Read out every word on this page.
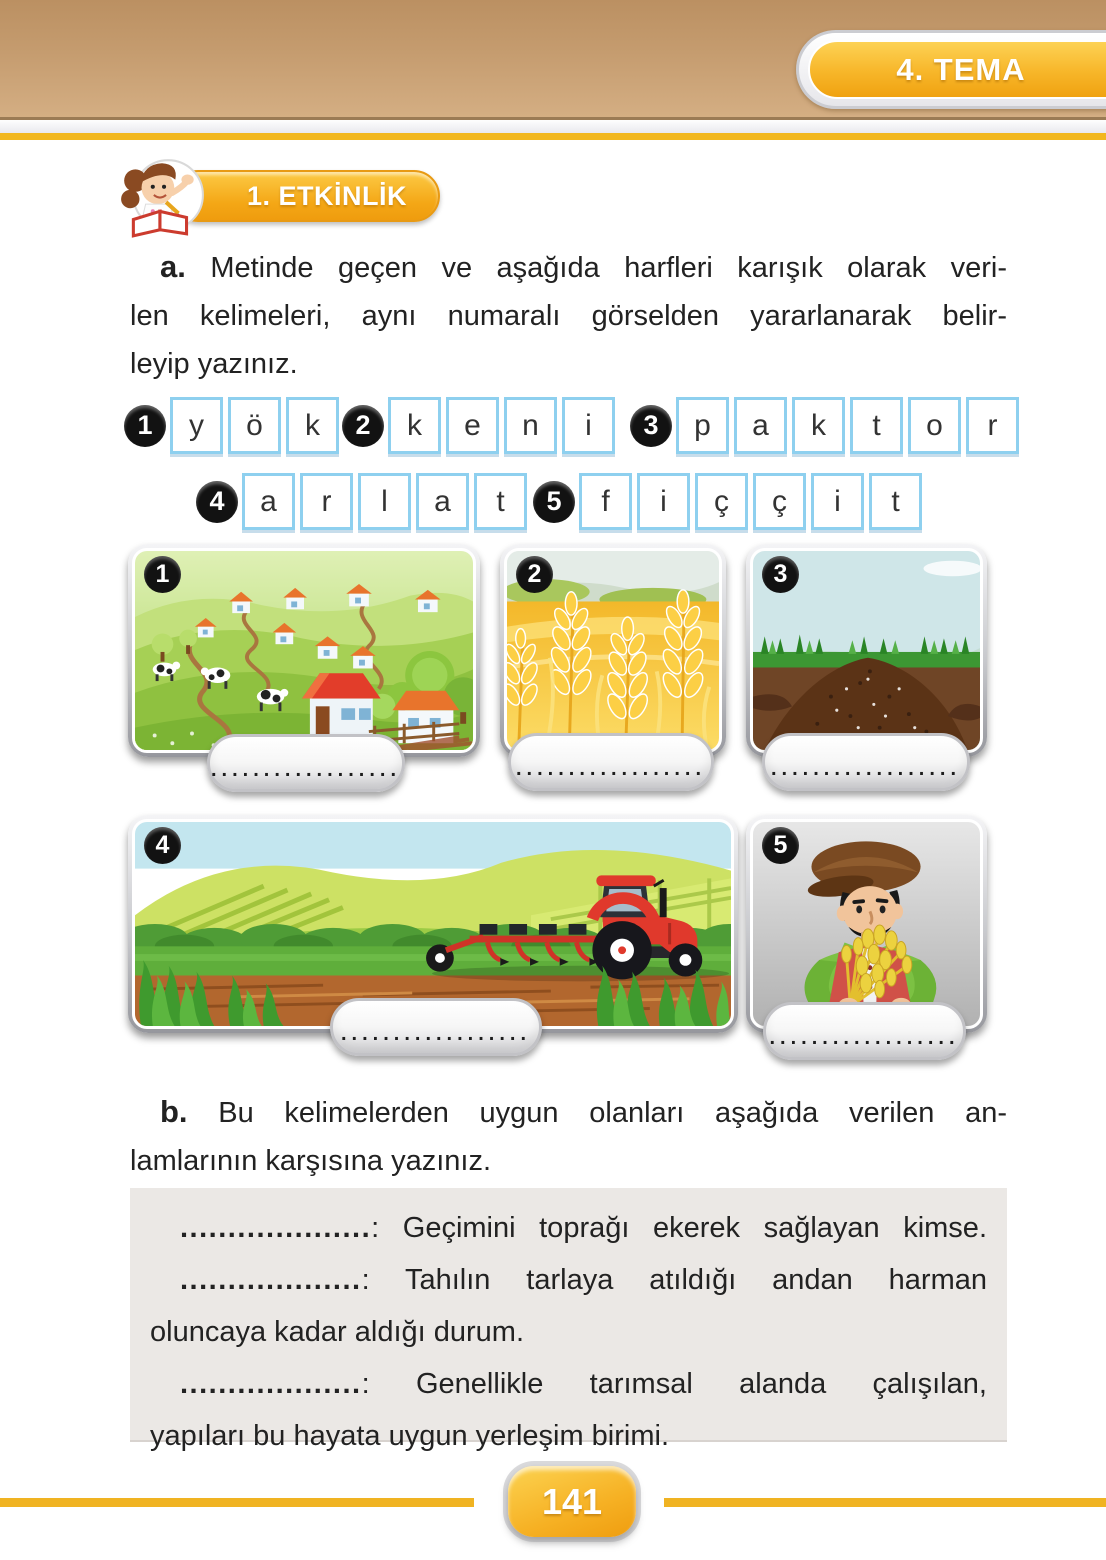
4. TEMA
1. ETKİNLİK
a. Metinde geçen ve aşağıda harfleri karışık olarak veri-
len kelimeleri, aynı numaralı görselden yararlanarak belir-
leyip yazınız.
1	y	ö	k	2	k	e	n	i	3	p	a	k	t	o	r
4	a	r	l	a	t	5	f	i	ç	ç	i	t
1	2	3
4	5
..................	..................	..................
..................	..................
b. Bu kelimelerden uygun olanları aşağıda verilen an-
lamlarının karşısına yazınız.
....................: Geçimini toprağı ekerek sağlayan kimse.
...................: Tahılın tarlaya atıldığı andan harman
oluncaya kadar aldığı durum.
...................: Genellikle tarımsal alanda çalışılan,
yapıları bu hayata uygun yerleşim birimi.
141
